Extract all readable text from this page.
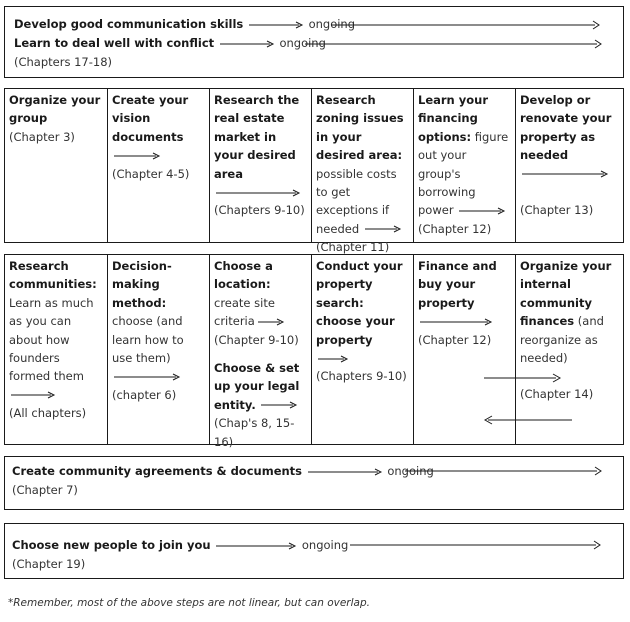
Develop good communication skills	ongoing
Learn to deal well with conflict	ongoing
(Chapters 17-18)
Organize your group
(Chapter 3)
Create your vision documents

(Chapter 4-5)
Research the real estate market in your desired area

(Chapters 9-10)
Research zoning issues in your desired area: possible costs to get exceptions if needed
(Chapter 11)
Learn your financing options: figure out your group's borrowing power
(Chapter 12)
Develop or renovate your property as needed

(Chapter 13)
Research communities: Learn as much as you can about how founders formed them
(All chapters)
Decision-making method: choose (and learn how to use them)

(chapter 6)
Choose a location: create site criteria
(Chapter 9-10)
Choose & set up your legal entity.
(Chap's 8, 15-16)
Conduct your property search: choose your property
(Chapters 9-10)
Finance and buy your property

(Chapter 12)
Organize your internal community finances (and reorganize as needed)

(Chapter 14)
Create community agreements & documents	ongoing
(Chapter 7)
Choose new people to join you	ongoing
(Chapter 19)
*Remember, most of the above steps are not linear, but can overlap.
